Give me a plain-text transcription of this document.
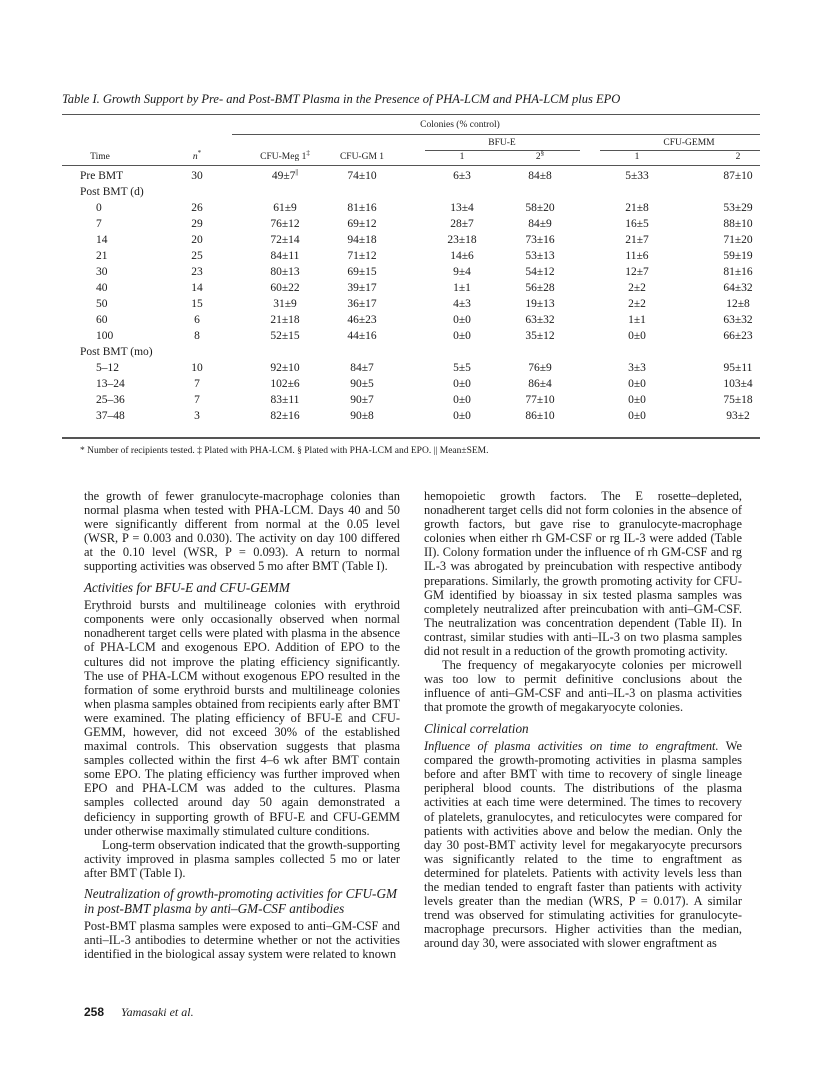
Table I. Growth Support by Pre- and Post-BMT Plasma in the Presence of PHA-LCM and PHA-LCM plus EPO
Colonies (% control)
BFU-E	CFU-GEMM
Time	n*	CFU-Meg 1‡	CFU-GM 1	1	2§	1	2
Pre BMT	30	49±7||	74±10	6±3	84±8	5±33	87±10
Post BMT (d)
0	26	61±9	81±16	13±4	58±20	21±8	53±29
7	29	76±12	69±12	28±7	84±9	16±5	88±10
14	20	72±14	94±18	23±18	73±16	21±7	71±20
21	25	84±11	71±12	14±6	53±13	11±6	59±19
30	23	80±13	69±15	9±4	54±12	12±7	81±16
40	14	60±22	39±17	1±1	56±28	2±2	64±32
50	15	31±9	36±17	4±3	19±13	2±2	12±8
60	6	21±18	46±23	0±0	63±32	1±1	63±32
100	8	52±15	44±16	0±0	35±12	0±0	66±23
Post BMT (mo)
5–12	10	92±10	84±7	5±5	76±9	3±3	95±11
13–24	7	102±6	90±5	0±0	86±4	0±0	103±4
25–36	7	83±11	90±7	0±0	77±10	0±0	75±18
37–48	3	82±16	90±8	0±0	86±10	0±0	93±2
* Number of recipients tested. ‡ Plated with PHA-LCM. § Plated with PHA-LCM and EPO. || Mean±SEM.

the growth of fewer granulocyte-macrophage colonies than normal plasma when tested with PHA-LCM. Days 40 and 50 were significantly different from normal at the 0.05 level (WSR, P = 0.003 and 0.030). The activity on day 100 differed at the 0.10 level (WSR, P = 0.093). A return to normal supporting activities was observed 5 mo after BMT (Table I).

Activities for BFU-E and CFU-GEMM

Erythroid bursts and multilineage colonies with erythroid components were only occasionally observed when normal nonadherent target cells were plated with plasma in the absence of PHA-LCM and exogenous EPO. Addition of EPO to the cultures did not improve the plating efficiency significantly. The use of PHA-LCM without exogenous EPO resulted in the formation of some erythroid bursts and multilineage colonies when plasma samples obtained from recipients early after BMT were examined. The plating efficiency of BFU-E and CFU-GEMM, however, did not exceed 30% of the established maximal controls. This observation suggests that plasma samples collected within the first 4–6 wk after BMT contain some EPO. The plating efficiency was further improved when EPO and PHA-LCM was added to the cultures. Plasma samples collected around day 50 again demonstrated a deficiency in supporting growth of BFU-E and CFU-GEMM under otherwise maximally stimulated culture conditions.

Long-term observation indicated that the growth-supporting activity improved in plasma samples collected 5 mo or later after BMT (Table I).

Neutralization of growth-promoting activities for CFU-GM in post-BMT plasma by anti–GM-CSF antibodies

Post-BMT plasma samples were exposed to anti–GM-CSF and anti–IL-3 antibodies to determine whether or not the activities identified in the biological assay system were related to known

hemopoietic growth factors. The E rosette–depleted, nonadherent target cells did not form colonies in the absence of growth factors, but gave rise to granulocyte-macrophage colonies when either rh GM-CSF or rg IL-3 were added (Table II). Colony formation under the influence of rh GM-CSF and rg IL-3 was abrogated by preincubation with respective antibody preparations. Similarly, the growth promoting activity for CFU-GM identified by bioassay in six tested plasma samples was completely neutralized after preincubation with anti–GM-CSF. The neutralization was concentration dependent (Table II). In contrast, similar studies with anti–IL-3 on two plasma samples did not result in a reduction of the growth promoting activity.

The frequency of megakaryocyte colonies per microwell was too low to permit definitive conclusions about the influence of anti–GM-CSF and anti–IL-3 on plasma activities that promote the growth of megakaryocyte colonies.

Clinical correlation

Influence of plasma activities on time to engraftment. We compared the growth-promoting activities in plasma samples before and after BMT with time to recovery of single lineage peripheral blood counts. The distributions of the plasma activities at each time were determined. The times to recovery of platelets, granulocytes, and reticulocytes were compared for patients with activities above and below the median. Only the day 30 post-BMT activity level for megakaryocyte precursors was significantly related to the time to engraftment as determined for platelets. Patients with activity levels less than the median tended to engraft faster than patients with activity levels greater than the median (WRS, P = 0.017). A similar trend was observed for stimulating activities for granulocyte-macrophage precursors. Higher activities than the median, around day 30, were associated with slower engraftment as

258 Yamasaki et al.
